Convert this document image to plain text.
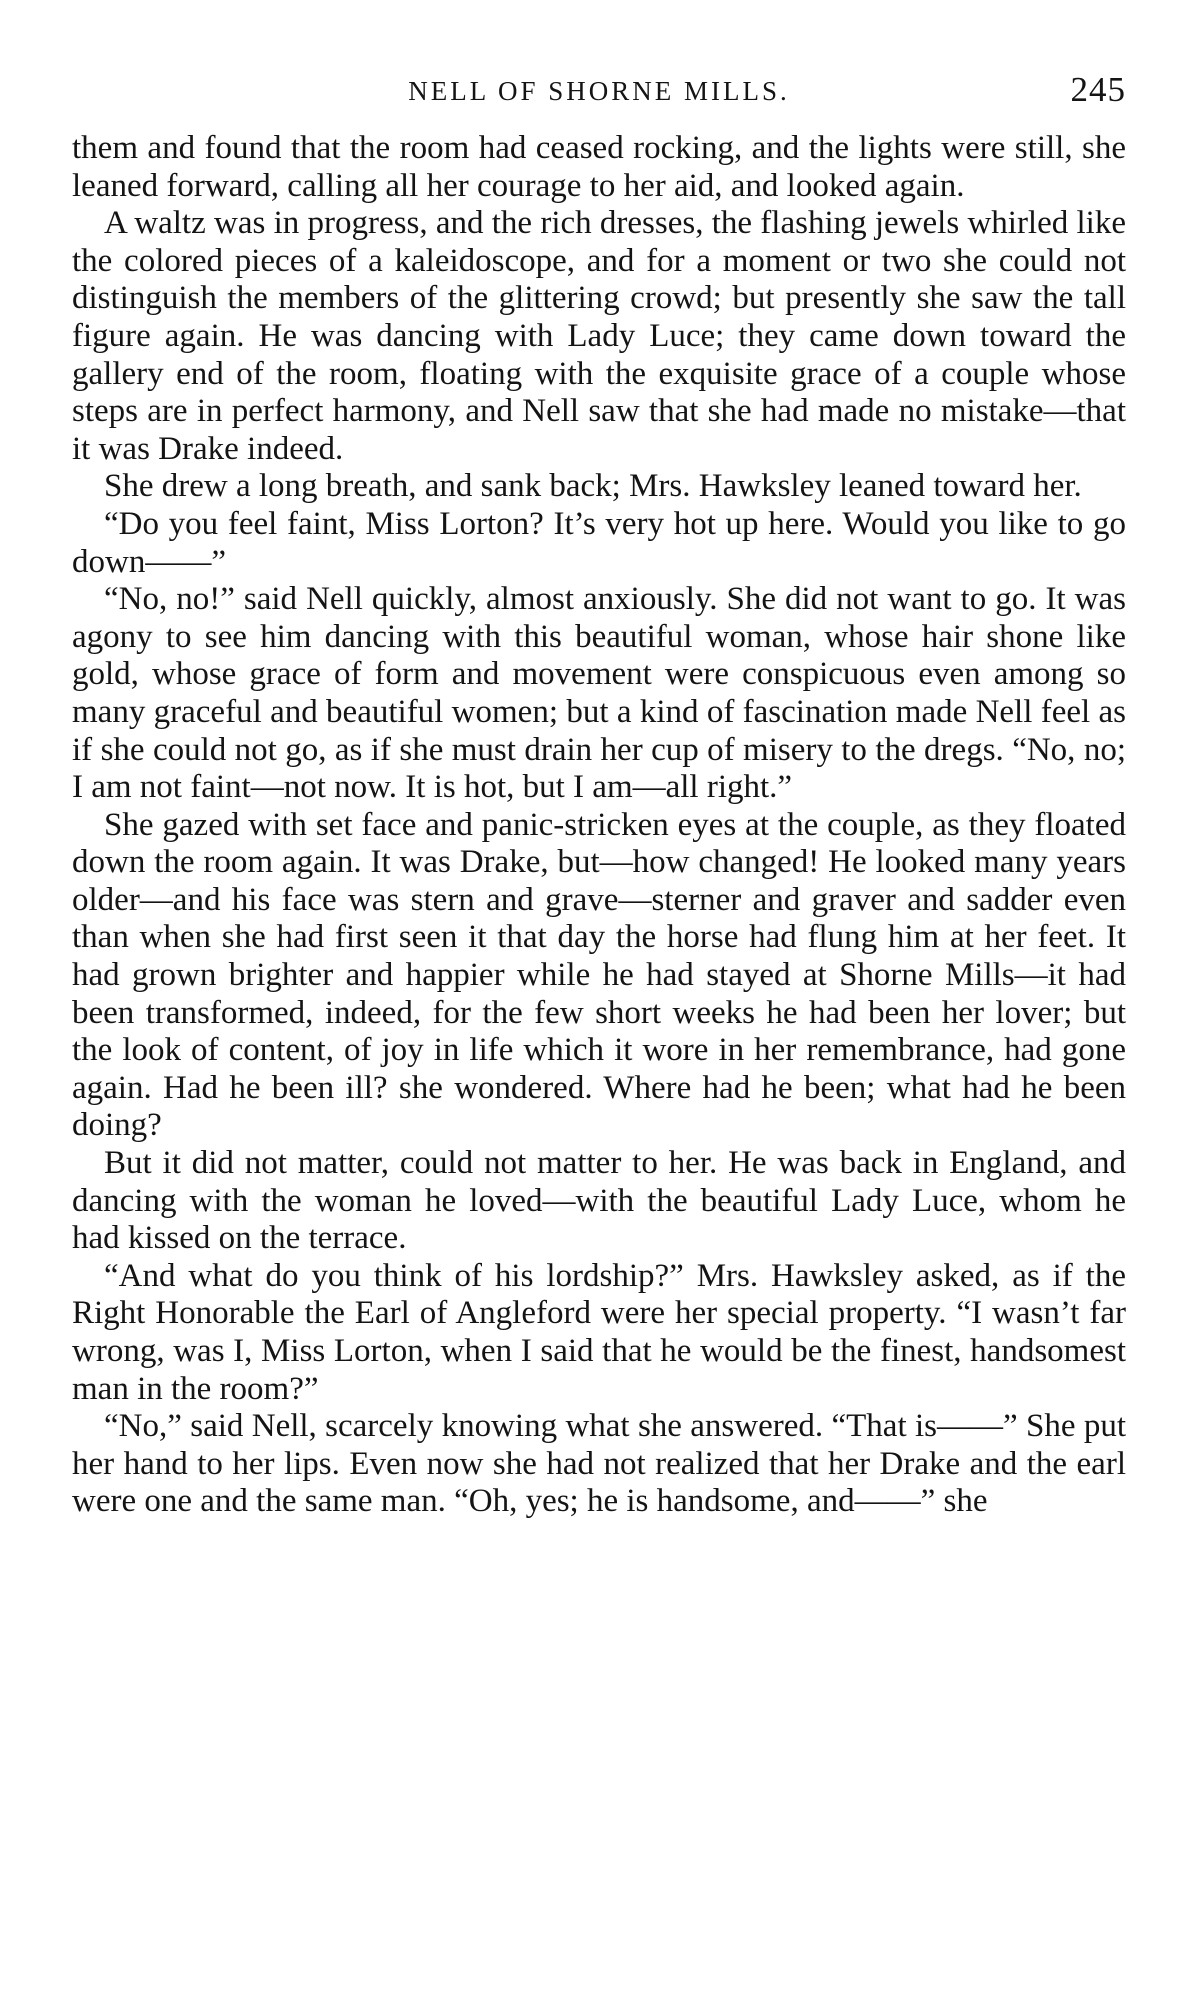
NELL OF SHORNE MILLS.	245

them and found that the room had ceased rocking, and the lights were still, she leaned forward, calling all her courage to her aid, and looked again.

A waltz was in progress, and the rich dresses, the flashing jewels whirled like the colored pieces of a kaleidoscope, and for a moment or two she could not distinguish the members of the glittering crowd; but presently she saw the tall figure again. He was dancing with Lady Luce; they came down toward the gallery end of the room, floating with the exquisite grace of a couple whose steps are in perfect harmony, and Nell saw that she had made no mistake—that it was Drake indeed.

She drew a long breath, and sank back; Mrs. Hawksley leaned toward her.

“Do you feel faint, Miss Lorton? It’s very hot up here. Would you like to go down——”

“No, no!” said Nell quickly, almost anxiously. She did not want to go. It was agony to see him dancing with this beautiful woman, whose hair shone like gold, whose grace of form and movement were conspicuous even among so many graceful and beautiful women; but a kind of fascination made Nell feel as if she could not go, as if she must drain her cup of misery to the dregs. “No, no; I am not faint—not now. It is hot, but I am—all right.”

She gazed with set face and panic-stricken eyes at the couple, as they floated down the room again. It was Drake, but—how changed! He looked many years older—and his face was stern and grave—sterner and graver and sadder even than when she had first seen it that day the horse had flung him at her feet. It had grown brighter and happier while he had stayed at Shorne Mills—it had been transformed, indeed, for the few short weeks he had been her lover; but the look of content, of joy in life which it wore in her remembrance, had gone again. Had he been ill? she wondered. Where had he been; what had he been doing?

But it did not matter, could not matter to her. He was back in England, and dancing with the woman he loved—with the beautiful Lady Luce, whom he had kissed on the terrace.

“And what do you think of his lordship?” Mrs. Hawksley asked, as if the Right Honorable the Earl of Angleford were her special property. “I wasn’t far wrong, was I, Miss Lorton, when I said that he would be the finest, handsomest man in the room?”

“No,” said Nell, scarcely knowing what she answered. “That is——” She put her hand to her lips. Even now she had not realized that her Drake and the earl were one and the same man. “Oh, yes; he is handsome, and——” she
